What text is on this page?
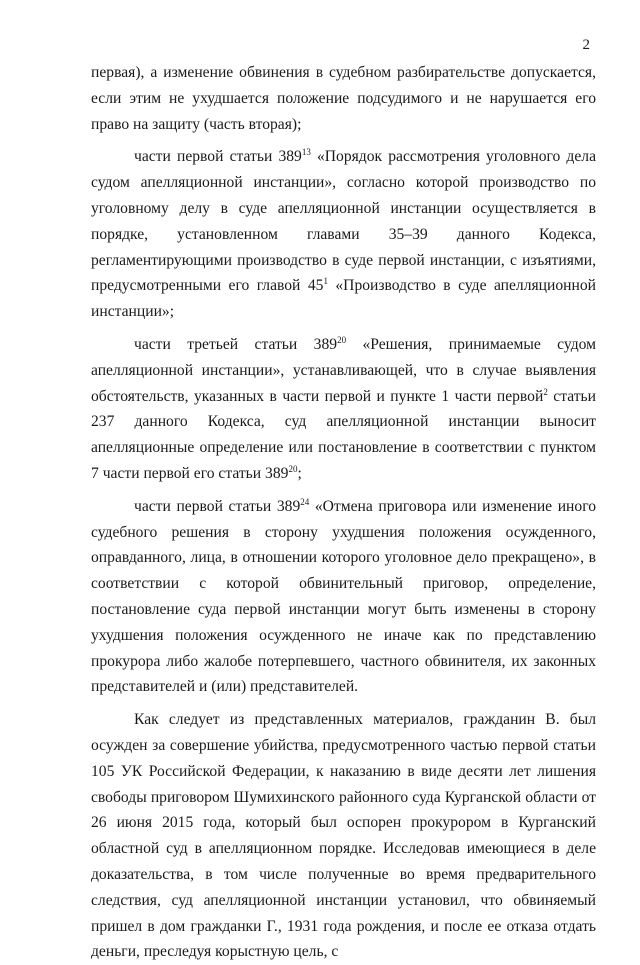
2

первая), а изменение обвинения в судебном разбирательстве допускается, если этим не ухудшается положение подсудимого и не нарушается его право на защиту (часть вторая);

части первой статьи $389^{13}$ «Порядок рассмотрения уголовного дела судом апелляционной инстанции», согласно которой производство по уголовному делу в суде апелляционной инстанции осуществляется в порядке, установленном главами 35–39 данного Кодекса, регламентирующими производство в суде первой инстанции, с изъятиями, предусмотренными его главой $45^1$ «Производство в суде апелляционной инстанции»;

части третьей статьи $389^{20}$ «Решения, принимаемые судом апелляционной инстанции», устанавливающей, что в случае выявления обстоятельств, указанных в части первой и пункте 1 части первой$^2$ статьи 237 данного Кодекса, суд апелляционной инстанции выносит апелляционные определение или постановление в соответствии с пунктом 7 части первой его статьи $389^{20}$;

части первой статьи $389^{24}$ «Отмена приговора или изменение иного судебного решения в сторону ухудшения положения осужденного, оправданного, лица, в отношении которого уголовное дело прекращено», в соответствии с которой обвинительный приговор, определение, постановление суда первой инстанции могут быть изменены в сторону ухудшения положения осужденного не иначе как по представлению прокурора либо жалобе потерпевшего, частного обвинителя, их законных представителей и (или) представителей.

Как следует из представленных материалов, гражданин В. был осужден за совершение убийства, предусмотренного частью первой статьи 105 УК Российской Федерации, к наказанию в виде десяти лет лишения свободы приговором Шумихинского районного суда Курганской области от 26 июня 2015 года, который был оспорен прокурором в Курганский областной суд в апелляционном порядке. Исследовав имеющиеся в деле доказательства, в том числе полученные во время предварительного следствия, суд апелляционной инстанции установил, что обвиняемый пришел в дом гражданки Г., 1931 года рождения, и после ее отказа отдать деньги, преследуя корыстную цель, с
